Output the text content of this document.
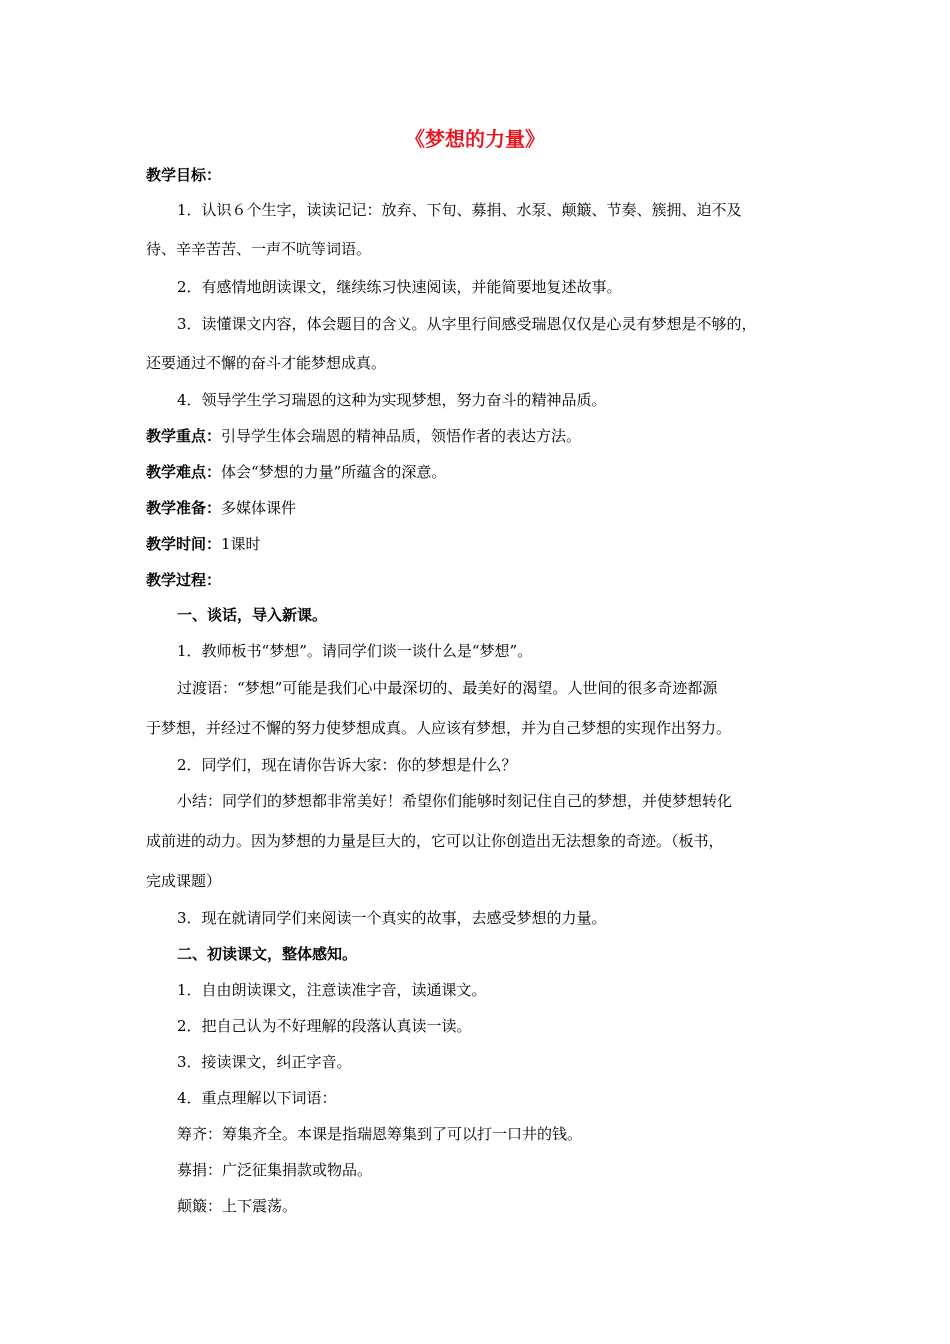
《梦想的力量》
教学目标：
1．认识６个生字，读读记记：放弃、下旬、募捐、水泵、颠簸、节奏、簇拥、迫不及
待、辛辛苦苦、一声不吭等词语。
2．有感情地朗读课文，继续练习快速阅读，并能简要地复述故事。
3．读懂课文内容，体会题目的含义。从字里行间感受瑞恩仅仅是心灵有梦想是不够的，
还要通过不懈的奋斗才能梦想成真。
4．领导学生学习瑞恩的这种为实现梦想，努力奋斗的精神品质。
教学重点：引导学生体会瑞恩的精神品质，领悟作者的表达方法。
教学难点：体会“梦想的力量”所蕴含的深意。
教学准备：多媒体课件
教学时间：1课时
教学过程：
一、谈话，导入新课。
1．教师板书“梦想”。请同学们谈一谈什么是“梦想”。
过渡语：“梦想”可能是我们心中最深切的、最美好的渴望。人世间的很多奇迹都源
于梦想，并经过不懈的努力使梦想成真。人应该有梦想，并为自己梦想的实现作出努力。
2．同学们，现在请你告诉大家：你的梦想是什么？
小结：同学们的梦想都非常美好！希望你们能够时刻记住自己的梦想，并使梦想转化
成前进的动力。因为梦想的力量是巨大的，它可以让你创造出无法想象的奇迹。（板书，
完成课题）
3．现在就请同学们来阅读一个真实的故事，去感受梦想的力量。
二、初读课文，整体感知。
1．自由朗读课文，注意读准字音，读通课文。
2．把自己认为不好理解的段落认真读一读。
3．接读课文，纠正字音。
4．重点理解以下词语：
筹齐：筹集齐全。本课是指瑞恩筹集到了可以打一口井的钱。
募捐：广泛征集捐款或物品。
颠簸：上下震荡。
